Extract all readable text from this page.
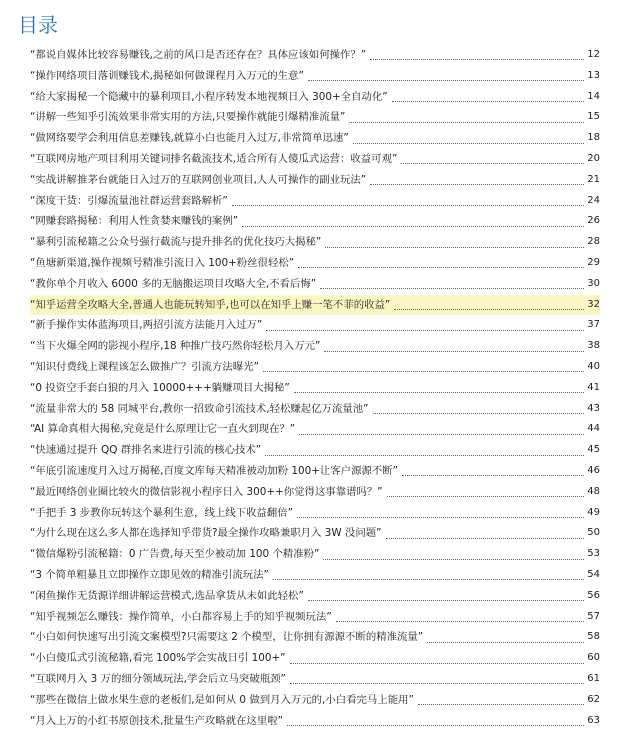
目录
“都说自媒体比较容易赚钱,之前的风口是否还存在？具体应该如何操作？”	12
“操作网络项目落训赚钱术,揭秘如何做课程月入万元的生意”	13
“给大家揭秘一个隐藏中的暴利项目,小程序转发本地视频日入 300+全自动化”	14
“讲解一些知乎引流效果非常实用的方法,只要操作就能引爆精准流量”	15
“做网络要学会利用信息差赚钱,就算小白也能月入过万,非常简单迅速”	18
“互联网房地产项目利用关键词排名截流技术,适合所有人傻瓜式运营：收益可观”	20
“实战讲解推茅台就能日入过万的互联网创业项目,人人可操作的副业玩法”	21
“深度干货：引爆流量池社群运营套路解析”	24
“网赚套路揭秘：利用人性贪婪来赚钱的案例”	26
“暴利引流秘籍之公众号强行截流与提升排名的优化技巧大揭秘”	28
“鱼塘新渠道,操作视频号精准引流日入 100+粉丝很轻松”	29
“教你单个月收入 6000 多的无脑搬运项目攻略大全,不看后悔”	30
“知乎运营全攻略大全,普通人也能玩转知乎,也可以在知乎上赚一笔不菲的收益”	32
“新手操作实体蓝海项目,两招引流方法能月入过万”	37
“当下火爆全网的影视小程序,18 种推广技巧然你轻松月入万元”	38
“知识付费线上课程该怎么做推广？引流方法曝光”	40
“0 投资空手套白狼的月入 10000+++躺赚项目大揭秘”	41
“流量非常大的 58 同城平台,教你一招致命引流技术,轻松赚起亿万流量池”	43
“AI 算命真相大揭秘,究竟是什么原理让它一直火到现在？”	44
“快速通过提升 QQ 群排名来进行引流的核心技术”	45
“年底引流速度月入过万揭秘,百度文库每天精准被动加粉 100+让客户源源不断”	46
“最近网络创业圈比较火的微信影视小程序日入 300++你觉得这事靠谱吗？”	48
“手把手 3 步教你玩转这个暴利生意，线上线下收益翻倍”	49
“为什么现在这么多人都在选择知乎带货?最全操作攻略兼职月入 3W 没问题”	50
“微信爆粉引流秘籍：0 广告费,每天至少被动加 100 个精准粉”	53
“3 个简单粗暴且立即操作立即见效的精准引流玩法”	54
“闲鱼操作无货源详细讲解运营模式,选品拿货从未如此轻松”	56
“知乎视频怎么赚钱：操作简单，小白都容易上手的知乎视频玩法”	57
“小白如何快速写出引流文案模型?只需要这 2 个模型，让你拥有源源不断的精准流量”	58
“小白傻瓜式引流秘籍,看完 100%学会实战日引 100+”	60
“互联网月入 3 万的细分领域玩法,学会后立马突破瓶颈”	61
“那些在微信上做水果生意的老板们,是如何从 0 做到月入万元的,小白看完马上能用”	62
“月入上万的小红书原创技术,批量生产攻略就在这里啦”	63
